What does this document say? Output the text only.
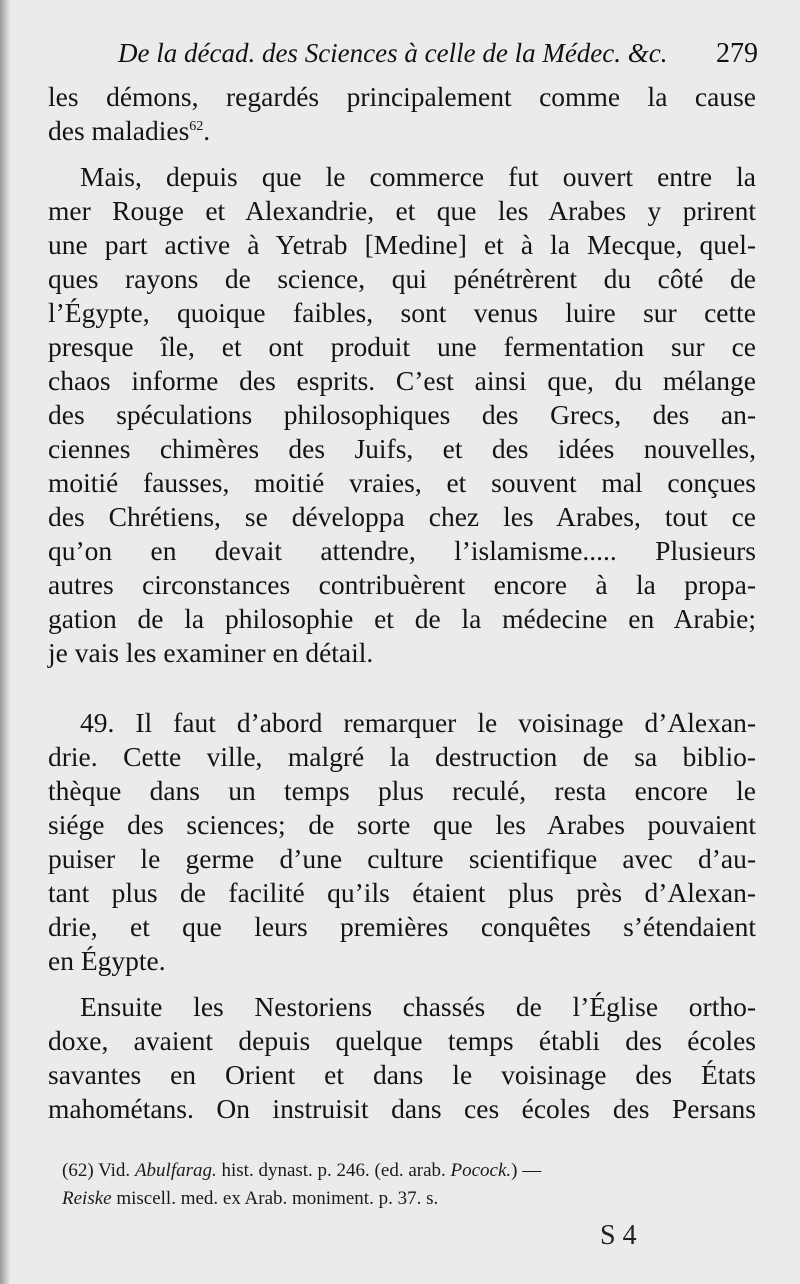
De la décad. des Sciences à celle de la Médec. &c. 279
les démons, regardés principalement comme la cause
des maladies$^{62}$.
Mais, depuis que le commerce fut ouvert entre la
mer Rouge et Alexandrie, et que les Arabes y prirent
une part active à Yetrab [Medine] et à la Mecque, quel-
ques rayons de science, qui pénétrèrent du côté de
l’Égypte, quoique faibles, sont venus luire sur cette
presque île, et ont produit une fermentation sur ce
chaos informe des esprits. C’est ainsi que, du mélange
des spéculations philosophiques des Grecs, des an-
ciennes chimères des Juifs, et des idées nouvelles,
moitié fausses, moitié vraies, et souvent mal conçues
des Chrétiens, se développa chez les Arabes, tout ce
qu’on en devait attendre, l’islamisme..... Plusieurs
autres circonstances contribuèrent encore à la propa-
gation de la philosophie et de la médecine en Arabie;
je vais les examiner en détail.
49. Il faut d’abord remarquer le voisinage d’Alexan-
drie. Cette ville, malgré la destruction de sa biblio-
thèque dans un temps plus reculé, resta encore le
siége des sciences; de sorte que les Arabes pouvaient
puiser le germe d’une culture scientifique avec d’au-
tant plus de facilité qu’ils étaient plus près d’Alexan-
drie, et que leurs premières conquêtes s’étendaient
en Égypte.
Ensuite les Nestoriens chassés de l’Église ortho-
doxe, avaient depuis quelque temps établi des écoles
savantes en Orient et dans le voisinage des États
mahométans. On instruisit dans ces écoles des Persans
(62) Vid. Abulfarag. hist. dynast. p. 246. (ed. arab. Pocock.) —
Reiske miscell. med. ex Arab. moniment. p. 37. s.
S 4
